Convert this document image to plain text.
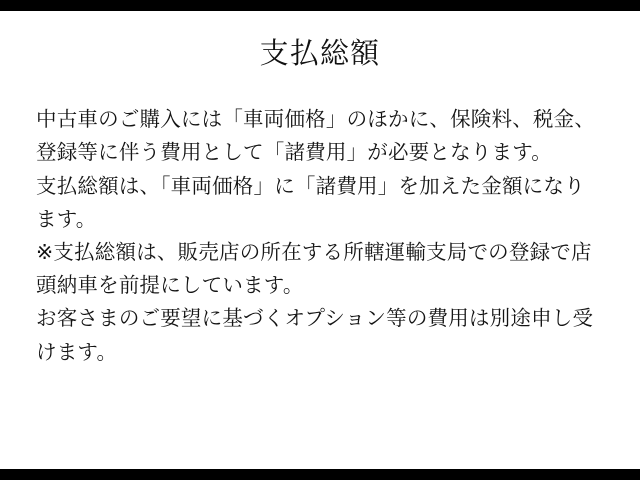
支払総額

中古車のご購入には「車両価格」のほかに、保険料、税金、登録等に伴う費用として「諸費用」が必要となります。

支払総額は、「車両価格」に「諸費用」を加えた金額になります。

※支払総額は、販売店の所在する所轄運輸支局での登録で店頭納車を前提にしています。

お客さまのご要望に基づくオプション等の費用は別途申し受けます。
